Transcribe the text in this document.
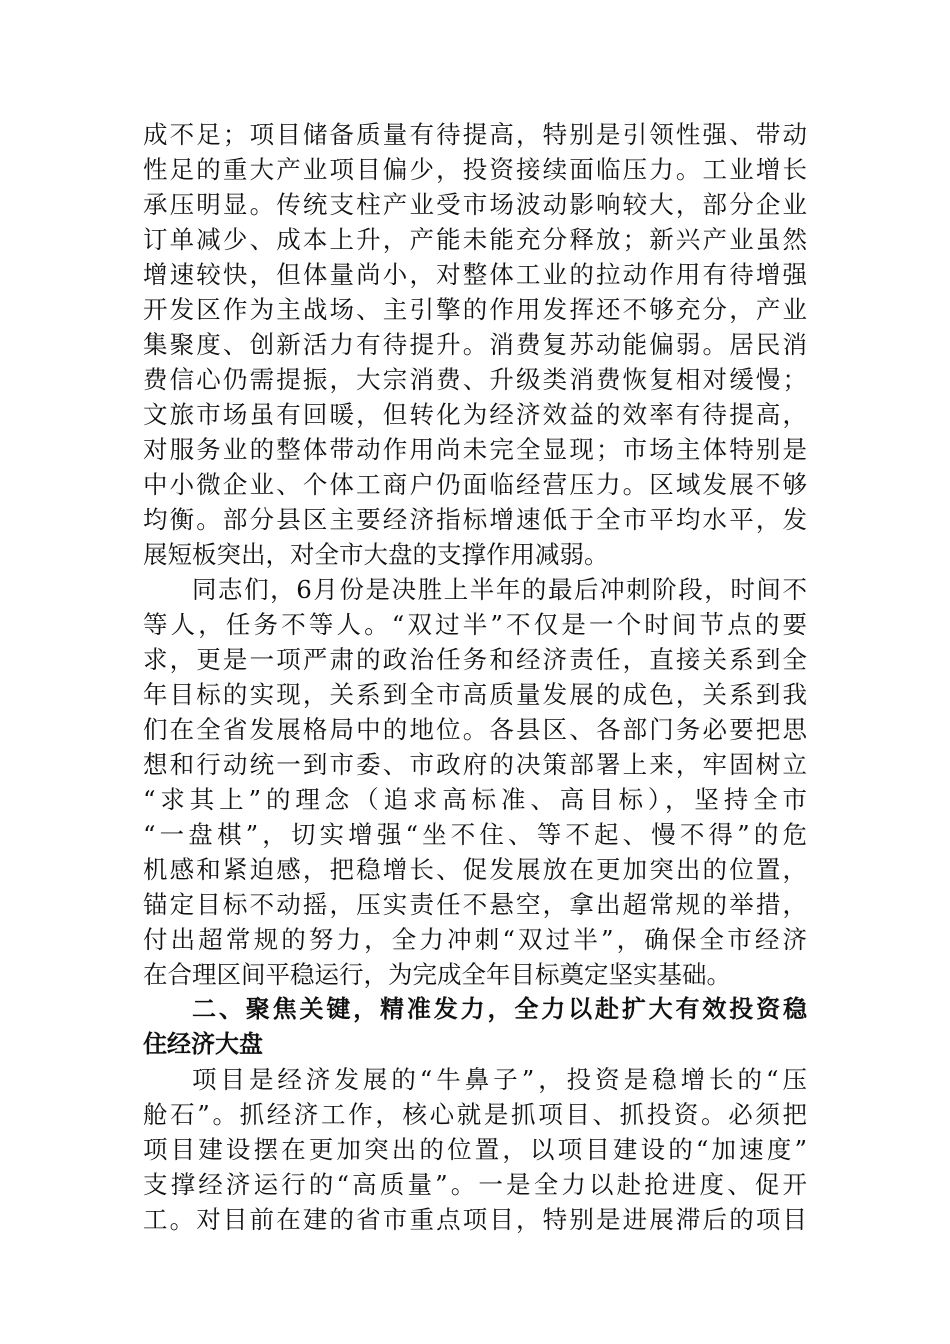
成不足；项目储备质量有待提高，特别是引领性强、带动
性足的重大产业项目偏少，投资接续面临压力。工业增长
承压明显。传统支柱产业受市场波动影响较大，部分企业
订单减少、成本上升，产能未能充分释放；新兴产业虽然
增速较快，但体量尚小，对整体工业的拉动作用有待增强
开发区作为主战场、主引擎的作用发挥还不够充分，产业
集聚度、创新活力有待提升。消费复苏动能偏弱。居民消
费信心仍需提振，大宗消费、升级类消费恢复相对缓慢；
文旅市场虽有回暖，但转化为经济效益的效率有待提高，
对服务业的整体带动作用尚未完全显现；市场主体特别是
中小微企业、个体工商户仍面临经营压力。区域发展不够
均衡。部分县区主要经济指标增速低于全市平均水平，发
展短板突出，对全市大盘的支撑作用减弱。
同志们，6月份是决胜上半年的最后冲刺阶段，时间不
等人，任务不等人。“双过半”不仅是一个时间节点的要
求，更是一项严肃的政治任务和经济责任，直接关系到全
年目标的实现，关系到全市高质量发展的成色，关系到我
们在全省发展格局中的地位。各县区、各部门务必要把思
想和行动统一到市委、市政府的决策部署上来，牢固树立
“求其上”的理念（追求高标准、高目标），坚持全市
“一盘棋”，切实增强“坐不住、等不起、慢不得”的危
机感和紧迫感，把稳增长、促发展放在更加突出的位置，
锚定目标不动摇，压实责任不悬空，拿出超常规的举措，
付出超常规的努力，全力冲刺“双过半”，确保全市经济
在合理区间平稳运行，为完成全年目标奠定坚实基础。
二、聚焦关键，精准发力，全力以赴扩大有效投资稳
住经济大盘
项目是经济发展的“牛鼻子”，投资是稳增长的“压
舱石”。抓经济工作，核心就是抓项目、抓投资。必须把
项目建设摆在更加突出的位置，以项目建设的“加速度”
支撑经济运行的“高质量”。一是全力以赴抢进度、促开
工。对目前在建的省市重点项目，特别是进展滞后的项目
